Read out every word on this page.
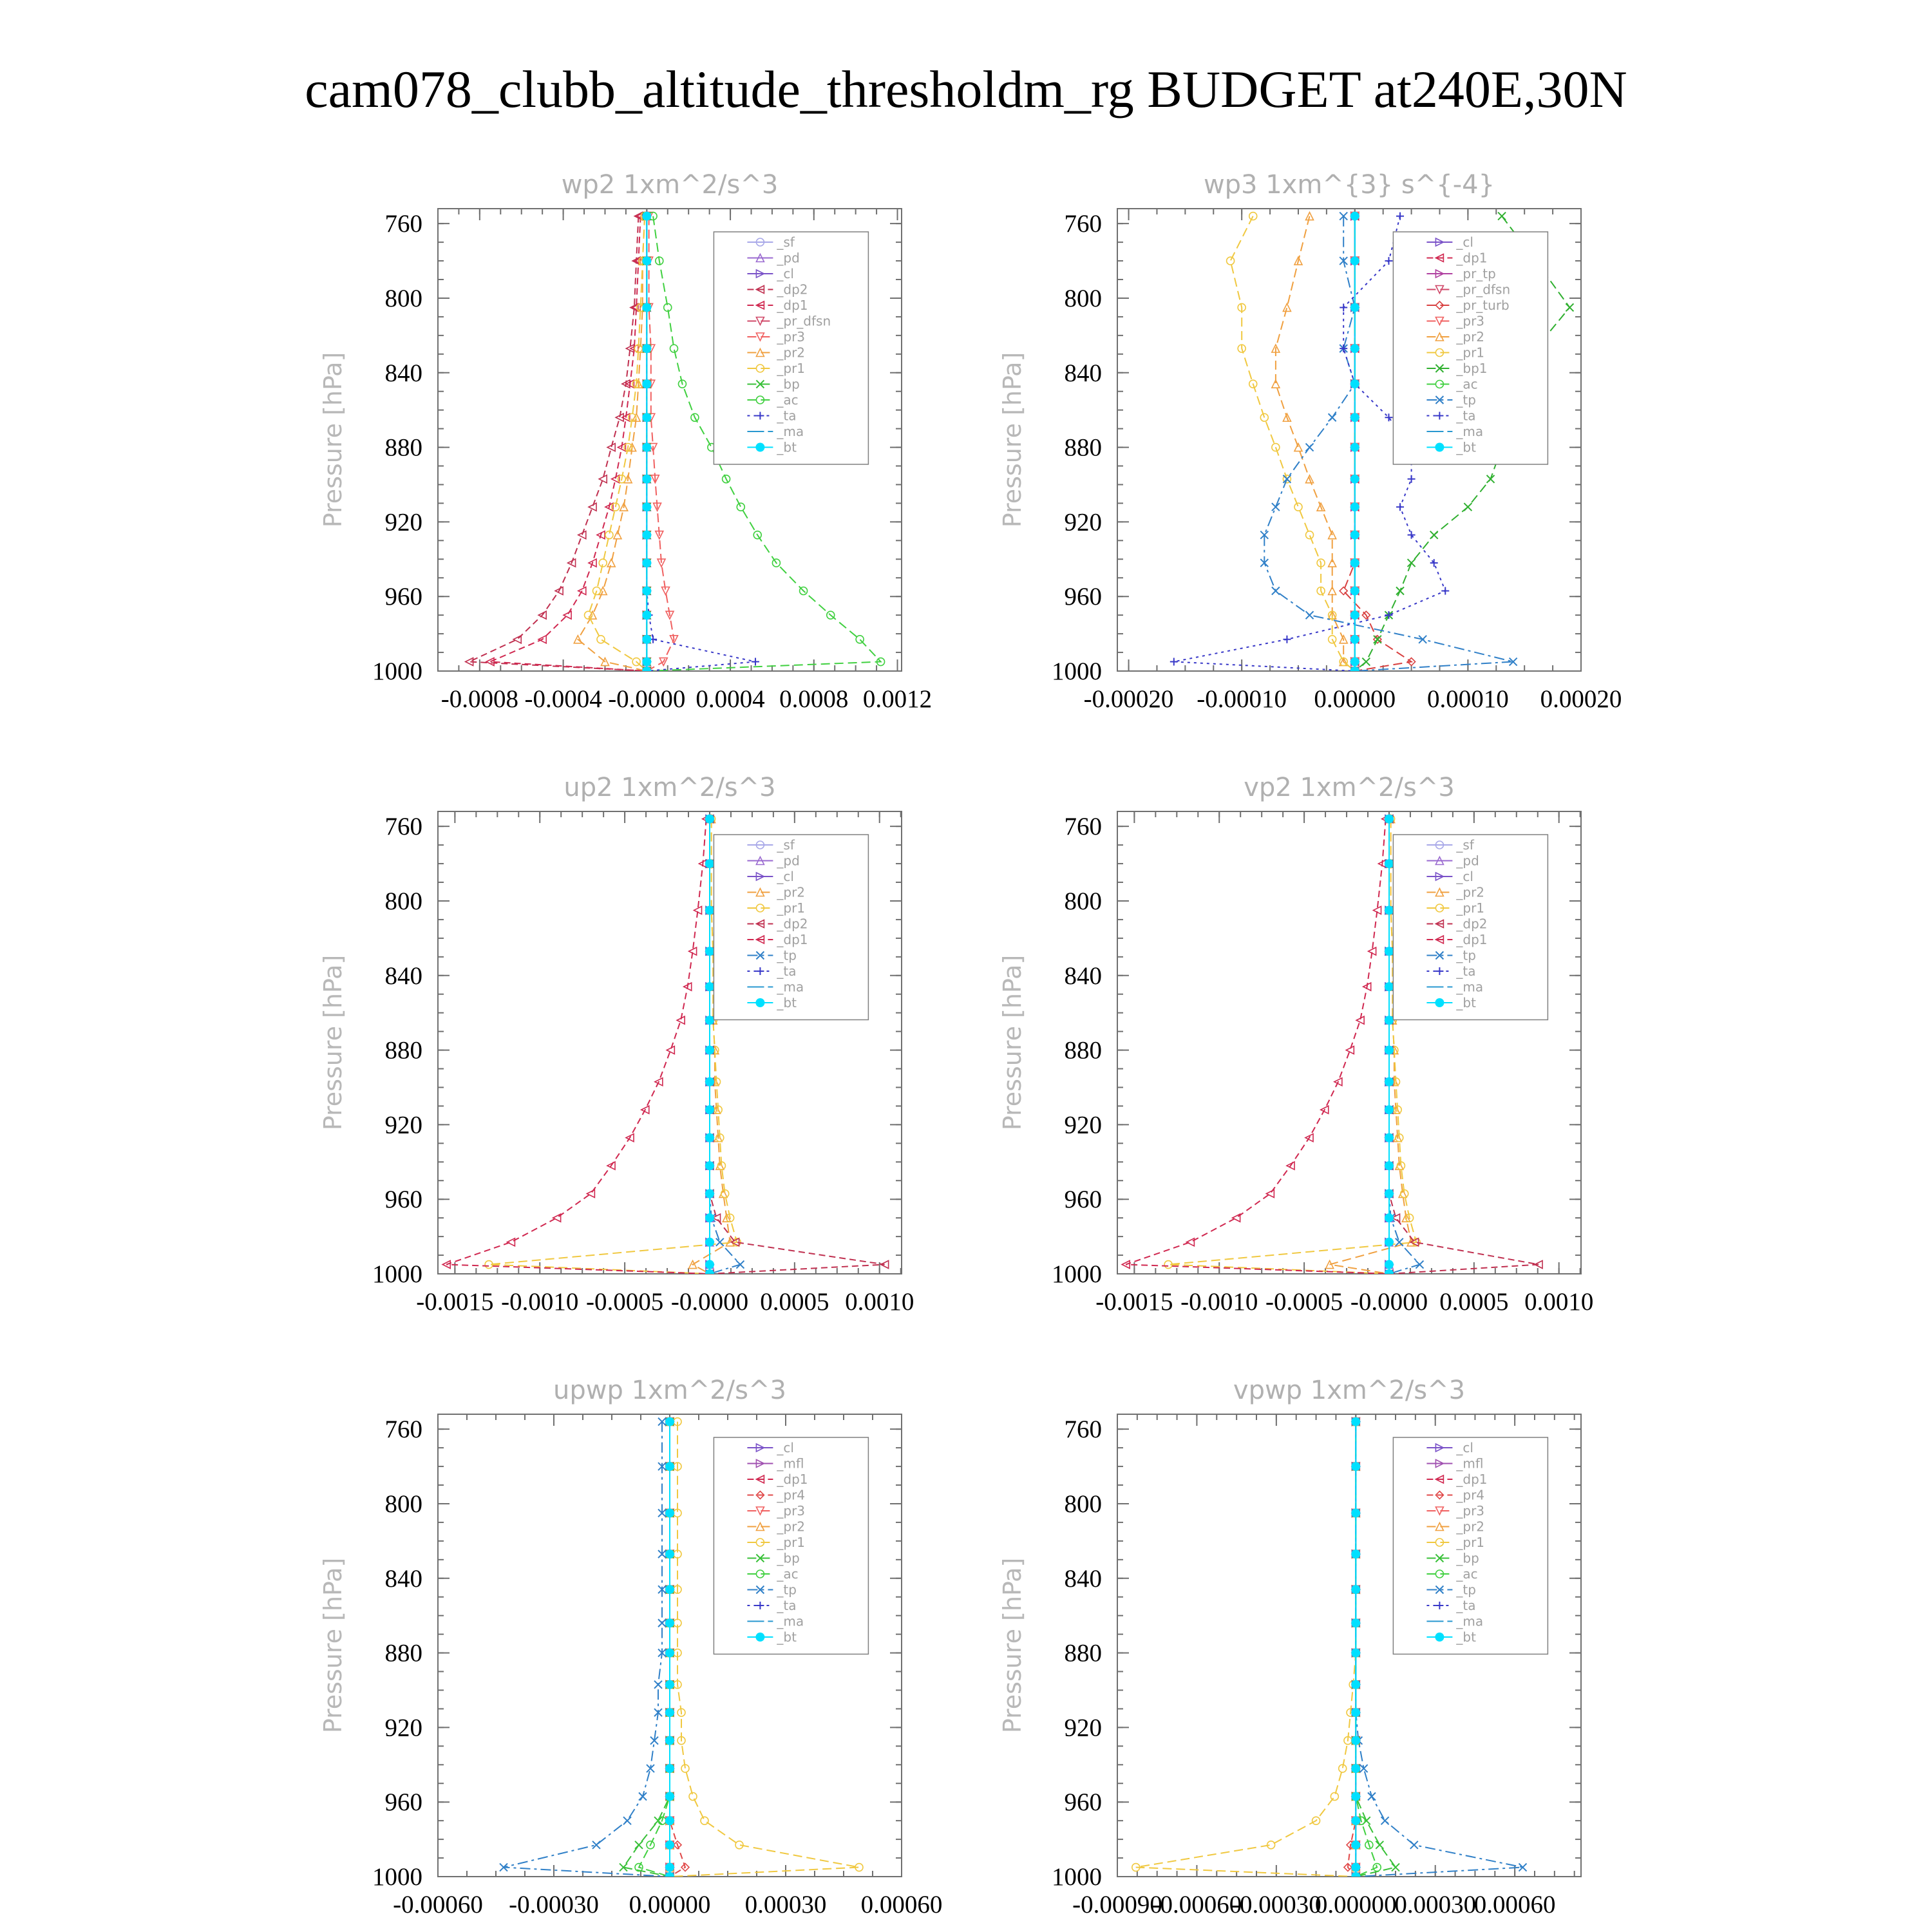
cam078_clubb_altitude_thresholdm_rg BUDGET at240E,30N
wp2 1xm^2/s^3
Pressure [hPa]
760
800
840
880
920
960
1000
-0.0008 -0.0004 -0.0000 0.0004 0.0008 0.0012
_sf
_pd
_cl
_dp2
_dp1
_pr_dfsn
_pr3
_pr2
_pr1
_bp
_ac
_ta
_ma
_bt
wp3 1xm^{3} s^{-4}
Pressure [hPa]
760
800
840
880
920
960
1000
-0.00020 -0.00010 0.00000 0.00010 0.00020
_cl
_dp1
_pr_tp
_pr_dfsn
_pr_turb
_pr3
_pr2
_pr1
_bp1
_ac
_tp
_ta
_ma
_bt
up2 1xm^2/s^3
Pressure [hPa]
760
800
840
880
920
960
1000
-0.0015 -0.0010 -0.0005 -0.0000 0.0005 0.0010
_sf
_pd
_cl
_pr2
_pr1
_dp2
_dp1
_tp
_ta
_ma
_bt
vp2 1xm^2/s^3
Pressure [hPa]
760
800
840
880
920
960
1000
-0.0015 -0.0010 -0.0005 -0.0000 0.0005 0.0010
_sf
_pd
_cl
_pr2
_pr1
_dp2
_dp1
_tp
_ta
_ma
_bt
upwp 1xm^2/s^3
Pressure [hPa]
760
800
840
880
920
960
1000
-0.00060 -0.00030 0.00000 0.00030 0.00060
_cl
_mfl
_dp1
_pr4
_pr3
_pr2
_pr1
_bp
_ac
_tp
_ta
_ma
_bt
vpwp 1xm^2/s^3
Pressure [hPa]
760
800
840
880
920
960
1000
-0.00090
-0.00060
-0.00030
0.00000
0.00030
0.00060
_cl
_mfl
_dp1
_pr4
_pr3
_pr2
_pr1
_bp
_ac
_tp
_ta
_ma
_bt
